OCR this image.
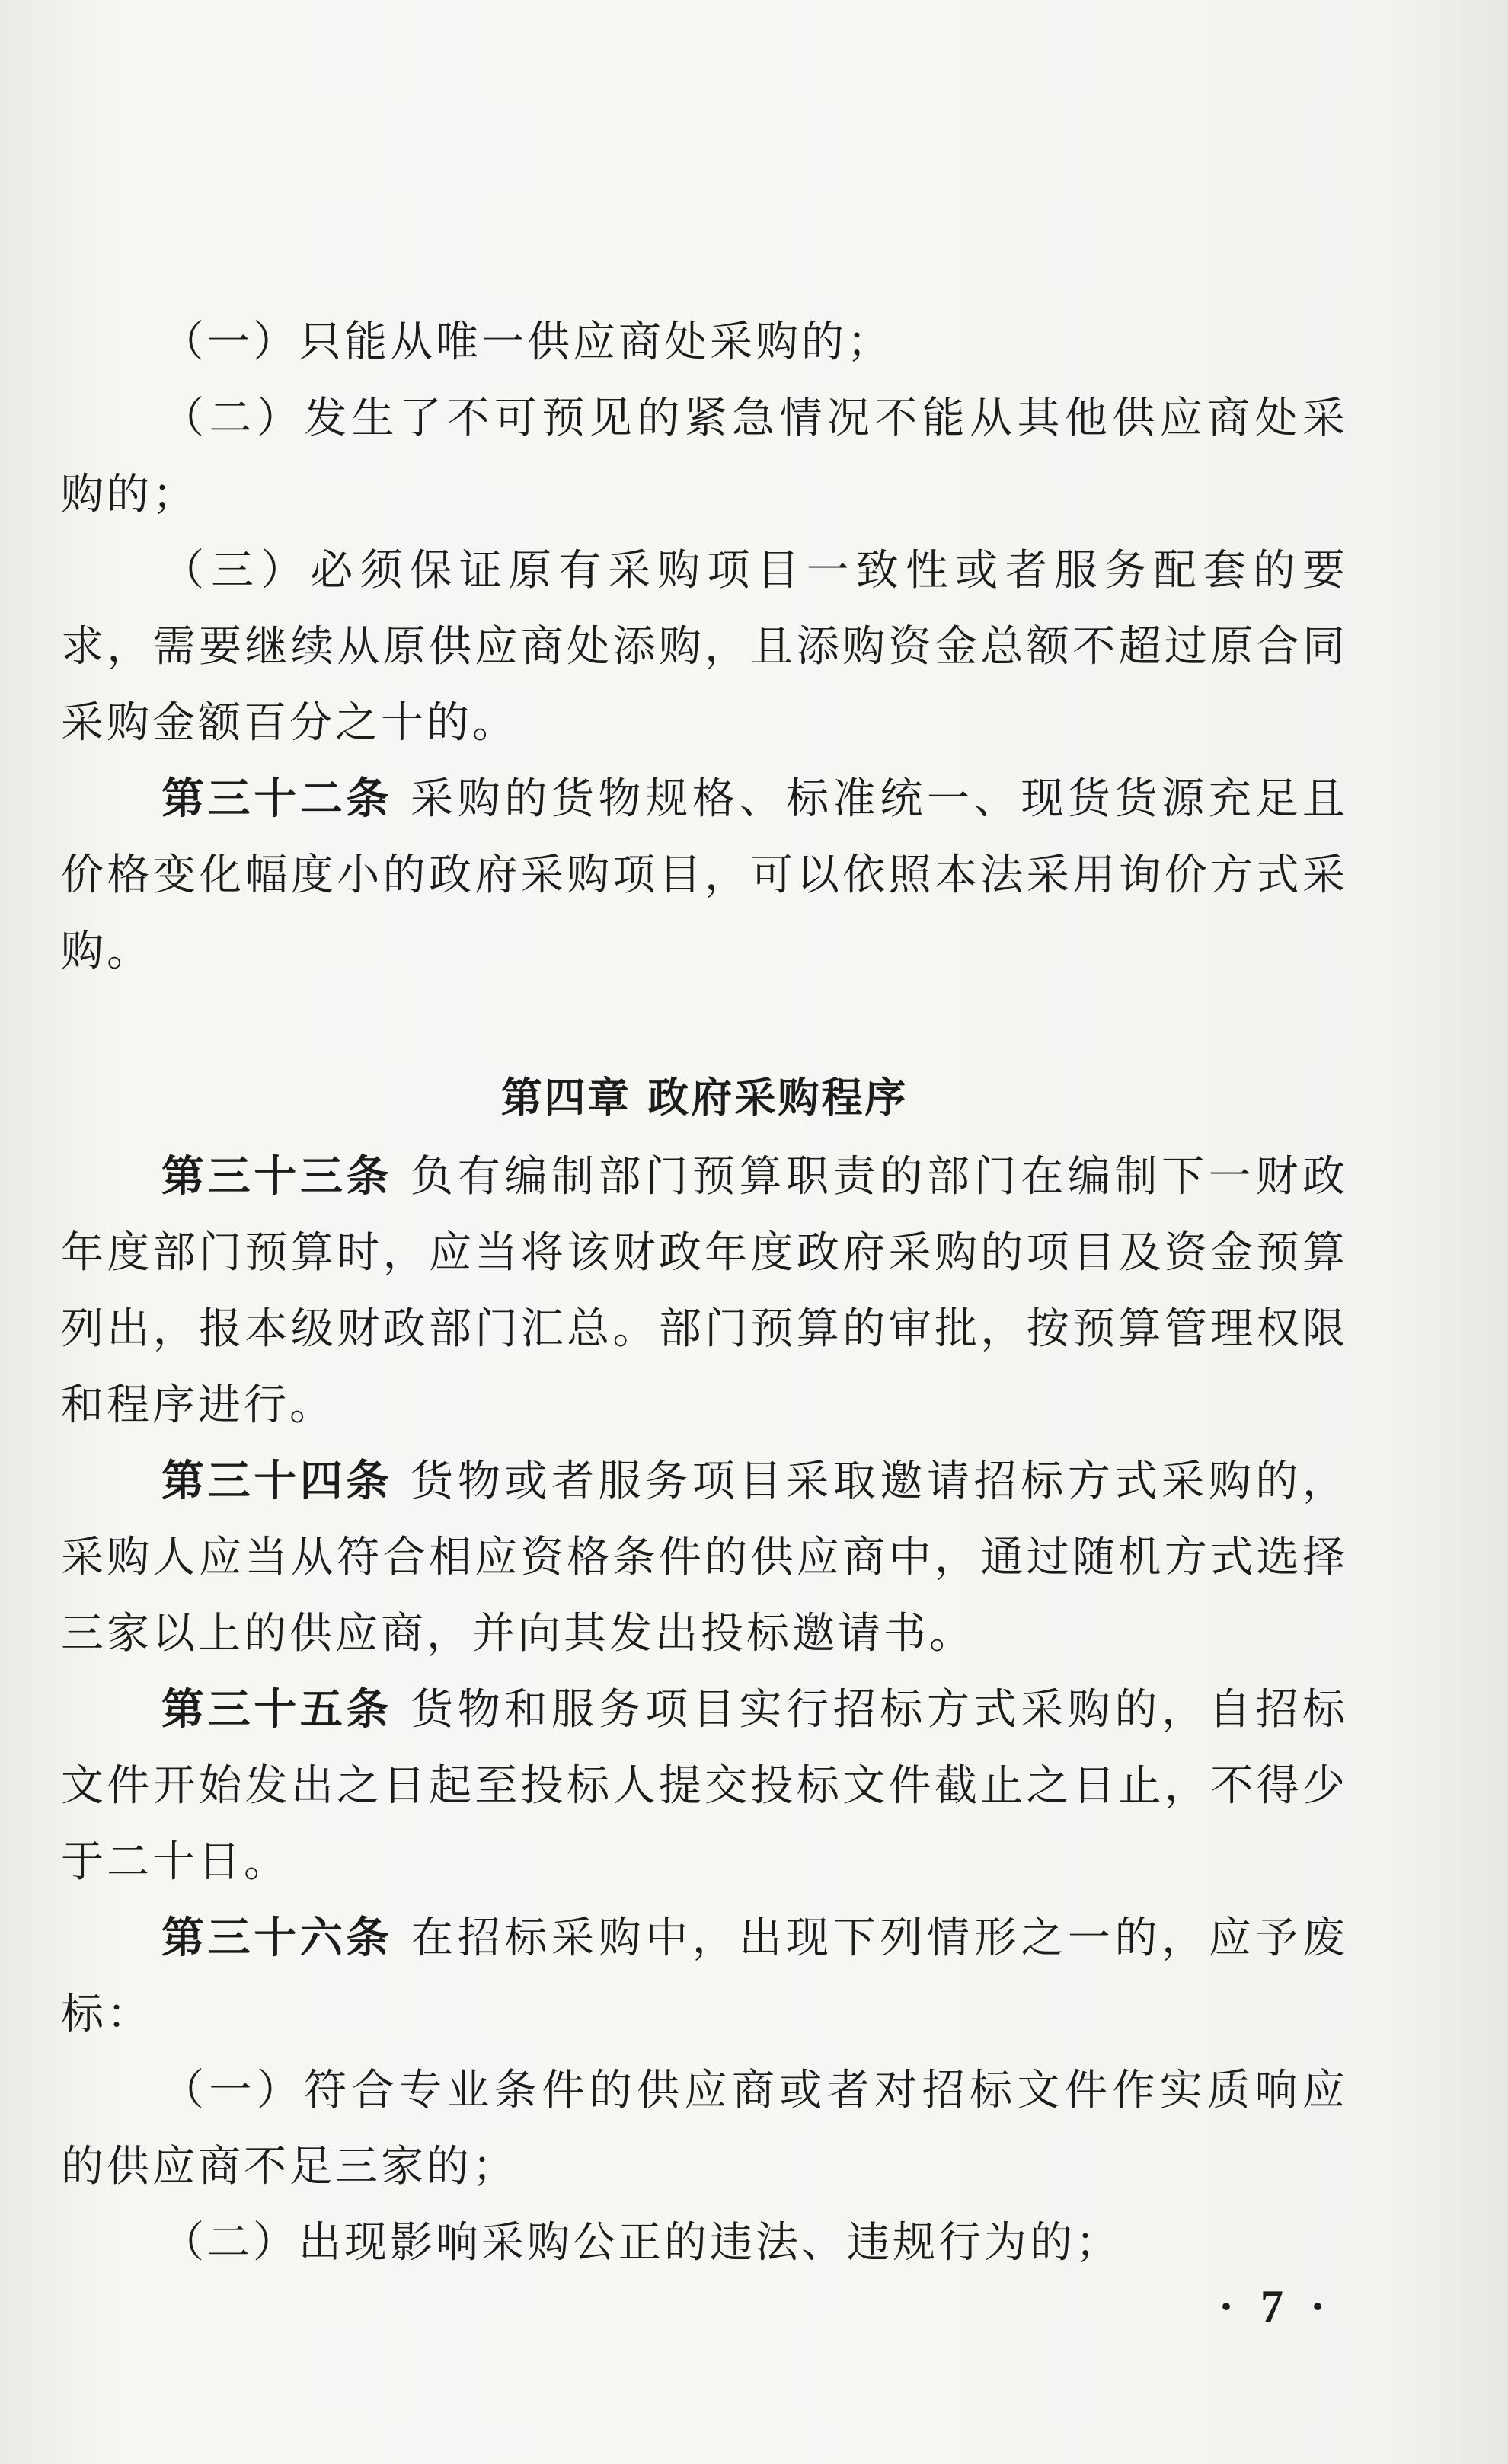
（一）只能从唯一供应商处采购的；

（二）发生了不可预见的紧急情况不能从其他供应商处采购的；

（三）必须保证原有采购项目一致性或者服务配套的要求，需要继续从原供应商处添购，且添购资金总额不超过原合同采购金额百分之十的。

第三十二条 采购的货物规格、标准统一、现货货源充足且价格变化幅度小的政府采购项目，可以依照本法采用询价方式采购。

第四章 政府采购程序

第三十三条 负有编制部门预算职责的部门在编制下一财政年度部门预算时，应当将该财政年度政府采购的项目及资金预算列出，报本级财政部门汇总。部门预算的审批，按预算管理权限和程序进行。

第三十四条 货物或者服务项目采取邀请招标方式采购的，采购人应当从符合相应资格条件的供应商中，通过随机方式选择三家以上的供应商，并向其发出投标邀请书。

第三十五条 货物和服务项目实行招标方式采购的，自招标文件开始发出之日起至投标人提交投标文件截止之日止，不得少于二十日。

第三十六条 在招标采购中，出现下列情形之一的，应予废标：

（一）符合专业条件的供应商或者对招标文件作实质响应的供应商不足三家的；

（二）出现影响采购公正的违法、违规行为的；

· 7 ·
